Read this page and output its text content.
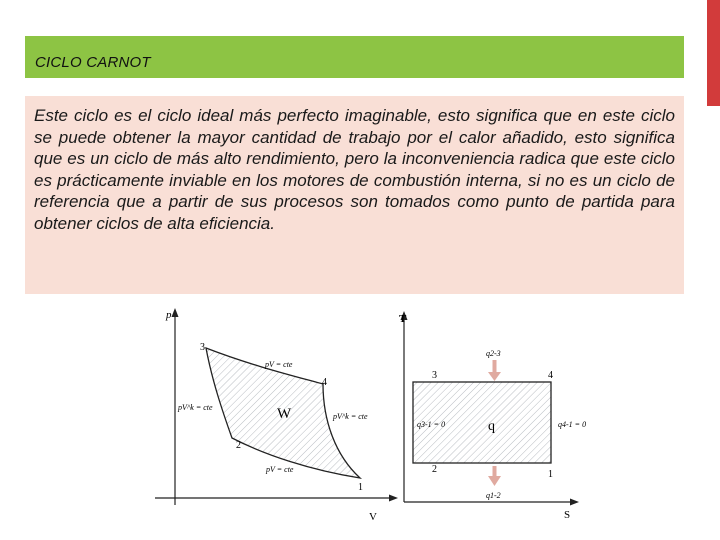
CICLO CARNOT

Este ciclo es el ciclo ideal más perfecto imaginable, esto significa que en este ciclo se puede obtener la mayor cantidad de trabajo por el calor añadido, esto significa que es un ciclo de más alto rendimiento, pero la inconveniencia radica que este ciclo es prácticamente inviable en los motores de combustión interna, si no es un ciclo de referencia que a partir de sus procesos son tomados como punto de partida para obtener ciclos de alta eficiencia.

p
V
3
4
2
1
pV = cte
pV^k = cte
pV^k = cte
pV = cte
W
T
S
3	4
2	1
q2-3
q1-2
q3-1 = 0	q4-1 = 0
q
